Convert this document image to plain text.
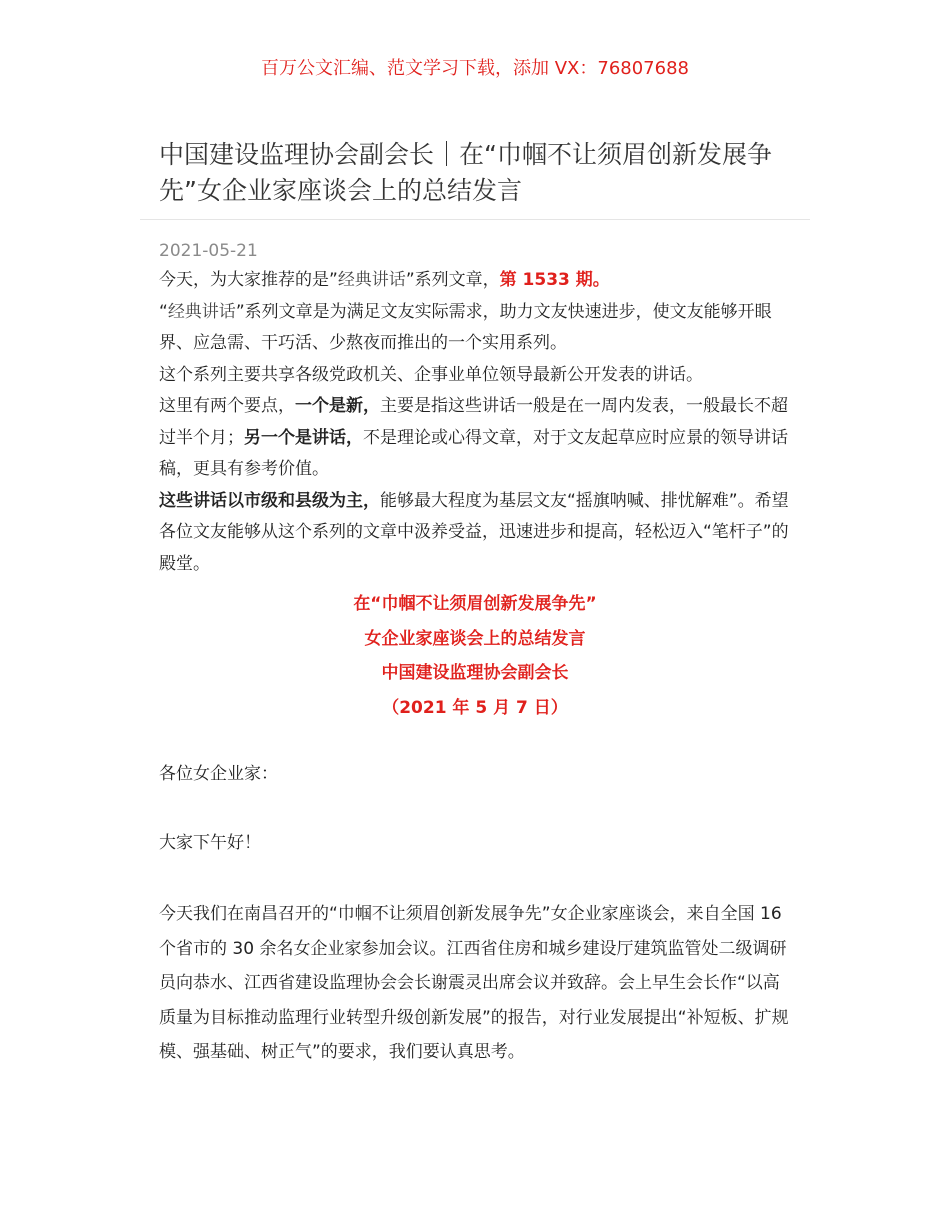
百万公文汇编、范文学习下载，添加 VX：76807688
中国建设监理协会副会长｜在“巾帼不让须眉创新发展争先”女企业家座谈会上的总结发言
2021-05-21

今天，为大家推荐的是”经典讲话”系列文章，第 1533 期。

“经典讲话”系列文章是为满足文友实际需求，助力文友快速进步，使文友能够开眼界、应急需、干巧活、少熬夜而推出的一个实用系列。

这个系列主要共享各级党政机关、企事业单位领导最新公开发表的讲话。

这里有两个要点，一个是新，主要是指这些讲话一般是在一周内发表，一般最长不超过半个月；另一个是讲话，不是理论或心得文章，对于文友起草应时应景的领导讲话稿，更具有参考价值。

这些讲话以市级和县级为主，能够最大程度为基层文友“摇旗呐喊、排忧解难”。希望各位文友能够从这个系列的文章中汲养受益，迅速进步和提高，轻松迈入“笔杆子”的殿堂。

在“巾帼不让须眉创新发展争先”
女企业家座谈会上的总结发言
中国建设监理协会副会长
（2021 年 5 月 7 日）
各位女企业家：
大家下午好！
今天我们在南昌召开的“巾帼不让须眉创新发展争先”女企业家座谈会，来自全国 16 个省市的 30 余名女企业家参加会议。江西省住房和城乡建设厅建筑监管处二级调研员向恭水、江西省建设监理协会会长谢震灵出席会议并致辞。会上早生会长作“以高质量为目标推动监理行业转型升级创新发展”的报告，对行业发展提出“补短板、扩规模、强基础、树正气”的要求，我们要认真思考。
